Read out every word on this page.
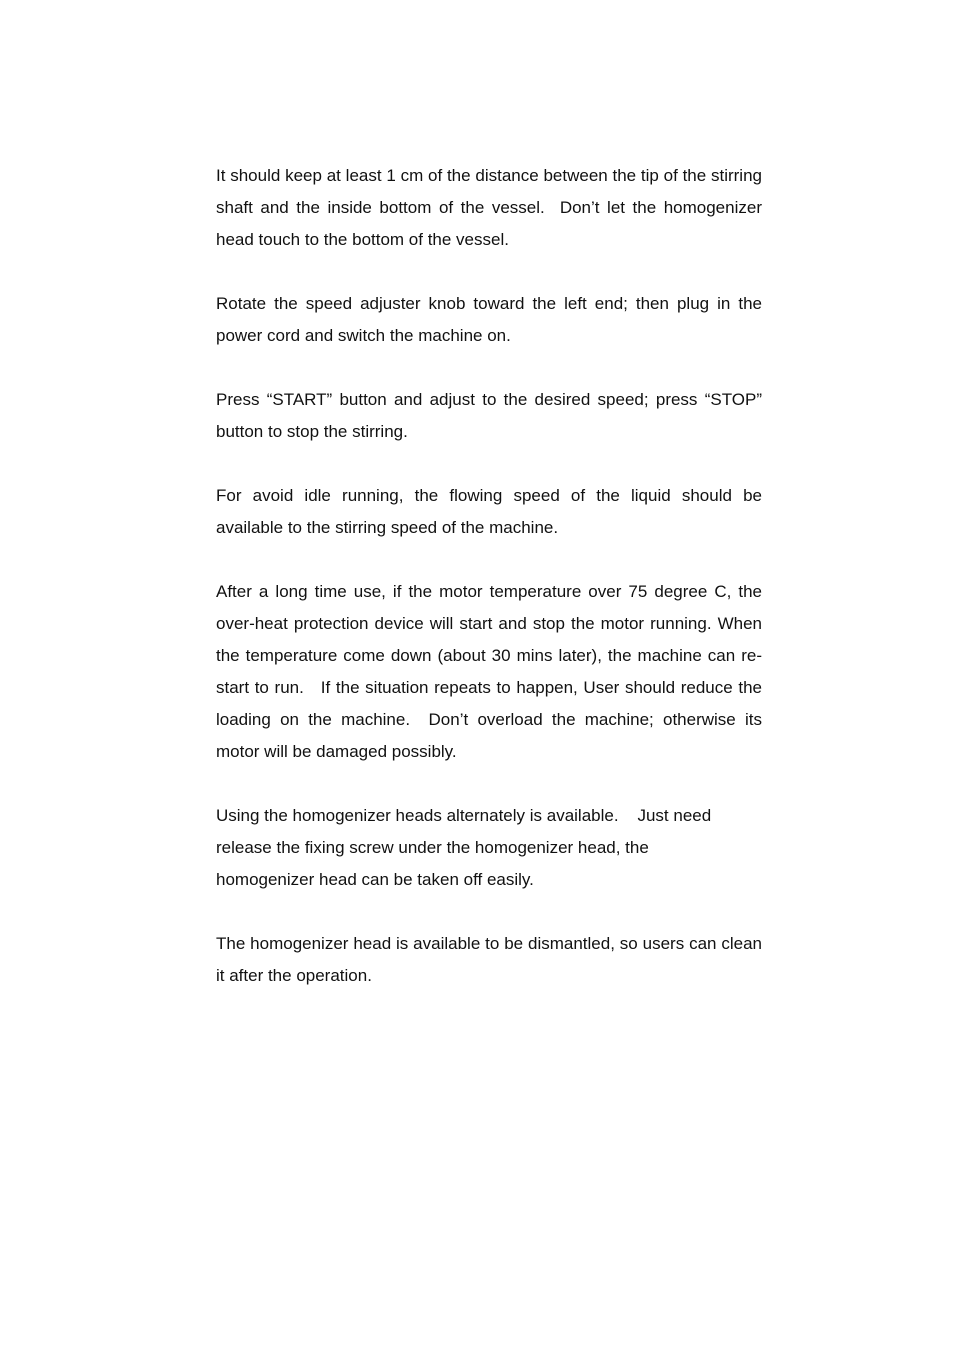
It should keep at least 1 cm of the distance between the tip of the stirring shaft and the inside bottom of the vessel.  Don’t let the homogenizer head touch to the bottom of the vessel.

Rotate the speed adjuster knob toward the left end; then plug in the power cord and switch the machine on.

Press “START” button and adjust to the desired speed; press “STOP” button to stop the stirring.

For avoid idle running, the flowing speed of the liquid should be available to the stirring speed of the machine.

After a long time use, if the motor temperature over 75 degree C, the over-heat protection device will start and stop the motor running. When the temperature come down (about 30 mins later), the machine can re-start to run.   If the situation repeats to happen, User should reduce the loading on the machine.  Don’t overload the machine; otherwise its motor will be damaged possibly.

Using the homogenizer heads alternately is available.    Just need release the fixing screw under the homogenizer head, the homogenizer head can be taken off easily.

The homogenizer head is available to be dismantled, so users can clean it after the operation.
